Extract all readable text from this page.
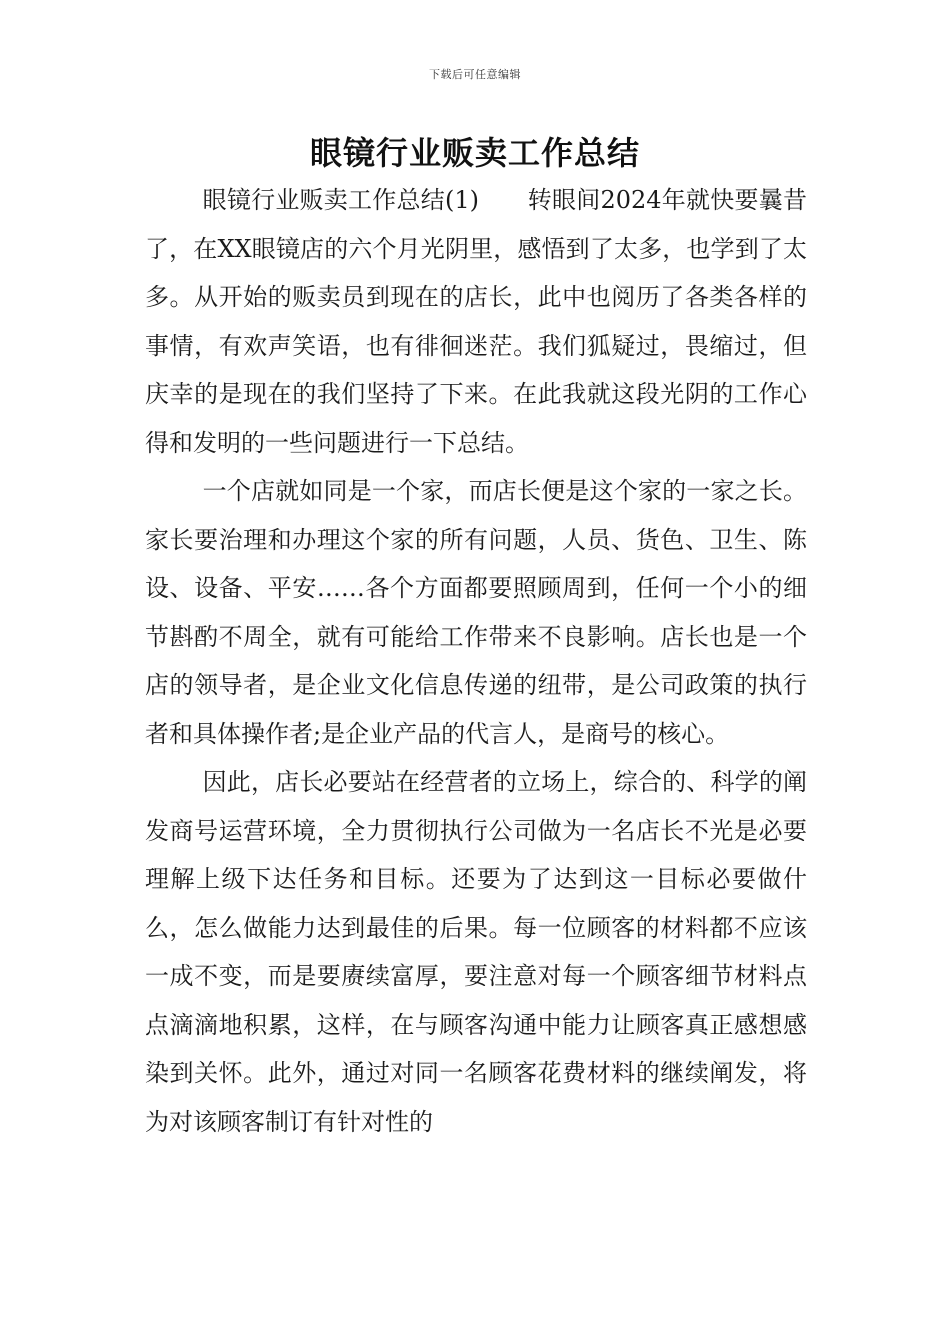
下载后可任意编辑
眼镜行业贩卖工作总结

眼镜行业贩卖工作总结(1)　　转眼间2024年就快要曩昔了，在XX眼镜店的六个月光阴里，感悟到了太多，也学到了太多。从开始的贩卖员到现在的店长，此中也阅历了各类各样的事情，有欢声笑语，也有徘徊迷茫。我们狐疑过，畏缩过，但庆幸的是现在的我们坚持了下来。在此我就这段光阴的工作心得和发明的一些问题进行一下总结。

一个店就如同是一个家，而店长便是这个家的一家之长。家长要治理和办理这个家的所有问题，人员、货色、卫生、陈设、设备、平安……各个方面都要照顾周到，任何一个小的细节斟酌不周全，就有可能给工作带来不良影响。店长也是一个店的领导者，是企业文化信息传递的纽带，是公司政策的执行者和具体操作者;是企业产品的代言人，是商号的核心。

因此，店长必要站在经营者的立场上，综合的、科学的阐发商号运营环境，全力贯彻执行公司做为一名店长不光是必要理解上级下达任务和目标。还要为了达到这一目标必要做什么，怎么做能力达到最佳的后果。每一位顾客的材料都不应该一成不变，而是要赓续富厚，要注意对每一个顾客细节材料点点滴滴地积累，这样，在与顾客沟通中能力让顾客真正感想感染到关怀。此外，通过对同一名顾客花费材料的继续阐发，将为对该顾客制订有针对性的
